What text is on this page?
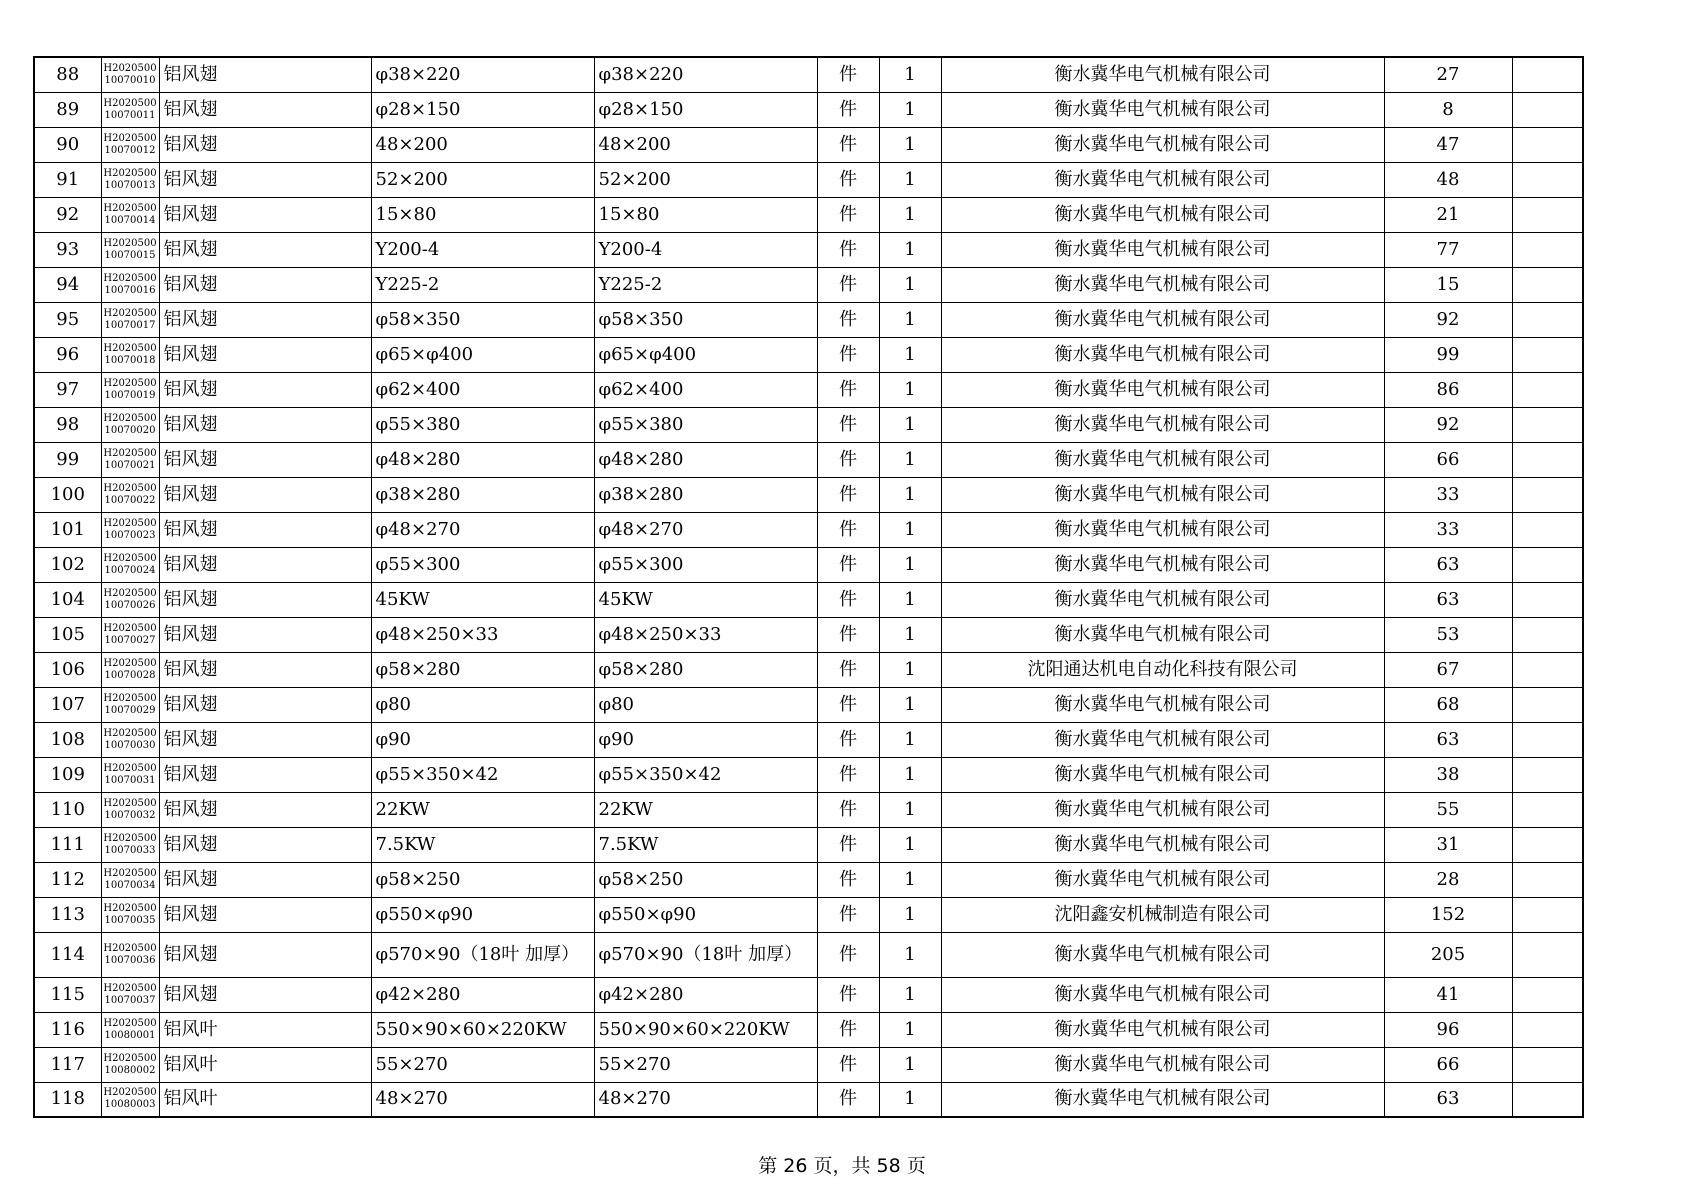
88	H202050010070010	铝风翅	φ38×220	φ38×220	件	1	衡水冀华电气机械有限公司	27	
89	H202050010070011	铝风翅	φ28×150	φ28×150	件	1	衡水冀华电气机械有限公司	8	
90	H202050010070012	铝风翅	48×200	48×200	件	1	衡水冀华电气机械有限公司	47	
91	H202050010070013	铝风翅	52×200	52×200	件	1	衡水冀华电气机械有限公司	48	
92	H202050010070014	铝风翅	15×80	15×80	件	1	衡水冀华电气机械有限公司	21	
93	H202050010070015	铝风翅	Y200-4	Y200-4	件	1	衡水冀华电气机械有限公司	77	
94	H202050010070016	铝风翅	Y225-2	Y225-2	件	1	衡水冀华电气机械有限公司	15	
95	H202050010070017	铝风翅	φ58×350	φ58×350	件	1	衡水冀华电气机械有限公司	92	
96	H202050010070018	铝风翅	φ65×φ400	φ65×φ400	件	1	衡水冀华电气机械有限公司	99	
97	H202050010070019	铝风翅	φ62×400	φ62×400	件	1	衡水冀华电气机械有限公司	86	
98	H202050010070020	铝风翅	φ55×380	φ55×380	件	1	衡水冀华电气机械有限公司	92	
99	H202050010070021	铝风翅	φ48×280	φ48×280	件	1	衡水冀华电气机械有限公司	66	
100	H202050010070022	铝风翅	φ38×280	φ38×280	件	1	衡水冀华电气机械有限公司	33	
101	H202050010070023	铝风翅	φ48×270	φ48×270	件	1	衡水冀华电气机械有限公司	33	
102	H202050010070024	铝风翅	φ55×300	φ55×300	件	1	衡水冀华电气机械有限公司	63	
104	H202050010070026	铝风翅	45KW	45KW	件	1	衡水冀华电气机械有限公司	63	
105	H202050010070027	铝风翅	φ48×250×33	φ48×250×33	件	1	衡水冀华电气机械有限公司	53	
106	H202050010070028	铝风翅	φ58×280	φ58×280	件	1	沈阳通达机电自动化科技有限公司	67	
107	H202050010070029	铝风翅	φ80	φ80	件	1	衡水冀华电气机械有限公司	68	
108	H202050010070030	铝风翅	φ90	φ90	件	1	衡水冀华电气机械有限公司	63	
109	H202050010070031	铝风翅	φ55×350×42	φ55×350×42	件	1	衡水冀华电气机械有限公司	38	
110	H202050010070032	铝风翅	22KW	22KW	件	1	衡水冀华电气机械有限公司	55	
111	H202050010070033	铝风翅	7.5KW	7.5KW	件	1	衡水冀华电气机械有限公司	31	
112	H202050010070034	铝风翅	φ58×250	φ58×250	件	1	衡水冀华电气机械有限公司	28	
113	H202050010070035	铝风翅	φ550×φ90	φ550×φ90	件	1	沈阳鑫安机械制造有限公司	152	
114	H202050010070036	铝风翅	φ570×90（18叶 加厚）	φ570×90（18叶 加厚）	件	1	衡水冀华电气机械有限公司	205	
115	H202050010070037	铝风翅	φ42×280	φ42×280	件	1	衡水冀华电气机械有限公司	41	
116	H202050010080001	铝风叶	550×90×60×220KW	550×90×60×220KW	件	1	衡水冀华电气机械有限公司	96	
117	H202050010080002	铝风叶	55×270	55×270	件	1	衡水冀华电气机械有限公司	66	
118	H202050010080003	铝风叶	48×270	48×270	件	1	衡水冀华电气机械有限公司	63	
第 26 页，共 58 页
